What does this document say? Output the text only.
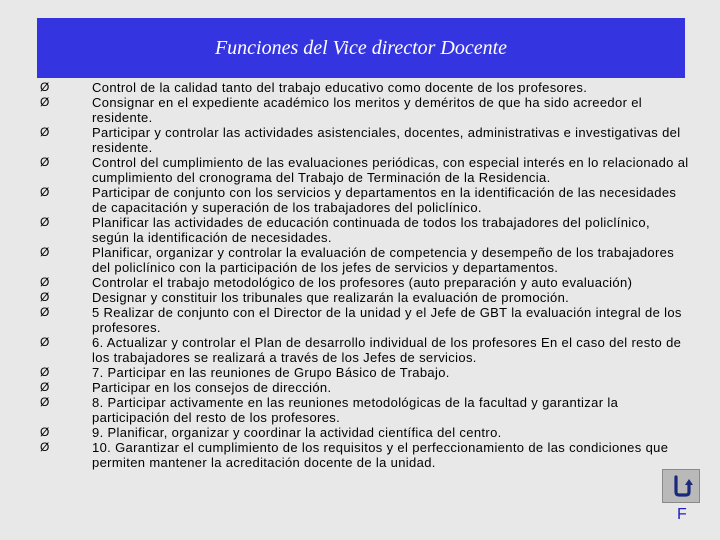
Funciones del Vice director Docente
Ø	Control de la calidad tanto del trabajo educativo como docente de los profesores.
Ø	Consignar en el expediente académico los meritos y deméritos de que ha sido acreedor el residente.
Ø	Participar y controlar las actividades asistenciales, docentes, administrativas e investigativas del residente.
Ø	Control del cumplimiento de las evaluaciones periódicas, con especial interés en lo relacionado al cumplimiento del cronograma del Trabajo de Terminación de la Residencia.
Ø	Participar de conjunto con los servicios y departamentos en la identificación de las necesidades de capacitación y superación de los trabajadores del policlínico.
Ø	Planificar las actividades de educación continuada de todos los trabajadores del policlínico, según la identificación de necesidades.
Ø	Planificar, organizar y controlar la evaluación de competencia y desempeño de los trabajadores del policlínico con la participación de los jefes de servicios y departamentos.
Ø	Controlar el trabajo metodológico de los profesores (auto preparación y auto evaluación)
Ø	Designar y constituir los tribunales que realizarán la evaluación de promoción.
Ø	5 Realizar de conjunto con el Director de la unidad y el Jefe de GBT la evaluación integral de los profesores.
Ø	6. Actualizar y controlar el Plan de desarrollo individual de los profesores En el caso del resto de los trabajadores se realizará a través de los Jefes de servicios.
Ø	7. Participar en las reuniones de Grupo Básico de Trabajo.
Ø	Participar en los consejos de dirección.
Ø	8. Participar activamente en las reuniones metodológicas de la facultad y garantizar la participación del resto de los profesores.
Ø	9. Planificar, organizar y coordinar la actividad científica del centro.
Ø	10. Garantizar el cumplimiento de los requisitos y el perfeccionamiento de las condiciones que permiten mantener la acreditación docente de la unidad.
F
